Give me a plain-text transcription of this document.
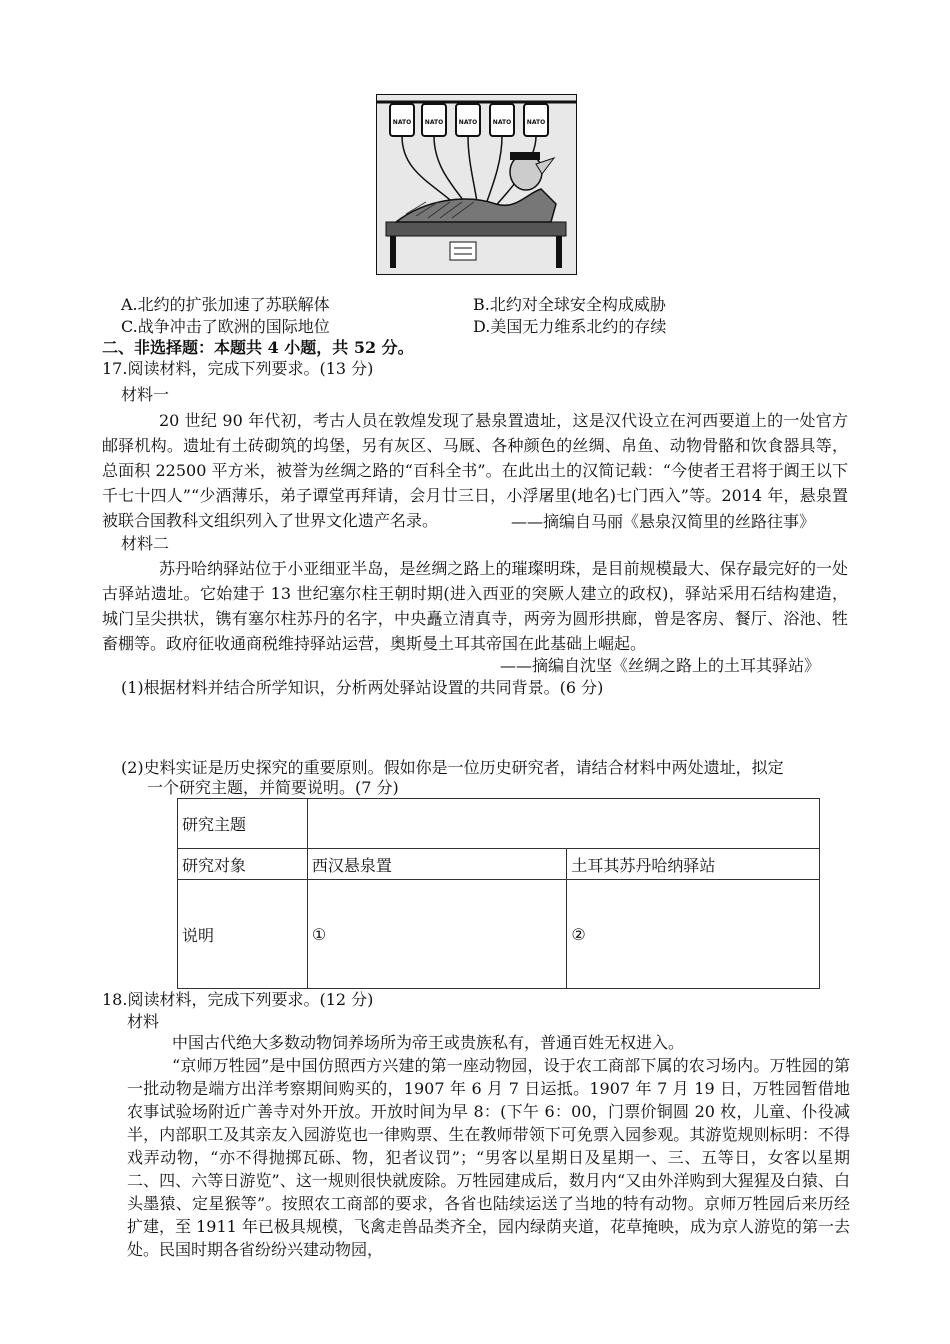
NATO NATO	NATO	NATO	NATO
A.北约的扩张加速了苏联解体	B.北约对全球安全构成威胁
C.战争冲击了欧洲的国际地位	D.美国无力维系北约的存续
二、非选择题：本题共 4 小题，共 52 分。
17.阅读材料，完成下列要求。(13 分)
材料一
20 世纪 90 年代初，考古人员在敦煌发现了悬泉置遗址，这是汉代设立在河西要道上的一处官方邮驿机构。遗址有土砖砌筑的坞堡，另有灰区、马厩、各种颜色的丝绸、帛鱼、动物骨骼和饮食器具等，总面积 22500 平方米，被誉为丝绸之路的“百科全书”。在此出土的汉简记载：“今使者王君将于阗王以下千七十四人”“少酒薄乐，弟子谭堂再拜请，会月廿三日，小浮屠里(地名)七门西入”等。2014 年，悬泉置被联合国教科文组织列入了世界文化遗产名录。	——摘编自马丽《悬泉汉简里的丝路往事》
材料二
苏丹哈纳驿站位于小亚细亚半岛，是丝绸之路上的璀璨明珠，是目前规模最大、保存最完好的一处古驿站遗址。它始建于 13 世纪塞尔柱王朝时期(进入西亚的突厥人建立的政权)，驿站采用石结构建造，城门呈尖拱状，镌有塞尔柱苏丹的名字，中央矗立清真寺，两旁为圆形拱廊，曾是客房、餐厅、浴池、牲畜棚等。政府征收通商税维持驿站运营，奥斯曼土耳其帝国在此基础上崛起。
——摘编自沈坚《丝绸之路上的土耳其驿站》
(1)根据材料并结合所学知识，分析两处驿站设置的共同背景。(6 分)
(2)史料实证是历史探究的重要原则。假如你是一位历史研究者，请结合材料中两处遗址，拟定
一个研究主题，并简要说明。(7 分)
研究主题		
研究对象	西汉悬泉置	土耳其苏丹哈纳驿站
说明	①	②
18.阅读材料，完成下列要求。(12 分)
材料
中国古代绝大多数动物饲养场所为帝王或贵族私有，普通百姓无权进入。
“京师万牲园”是中国仿照西方兴建的第一座动物园，设于农工商部下属的农习场内。万牲园的第一批动物是端方出洋考察期间购买的，1907 年 6 月 7 日运抵。1907 年 7 月 19 日，万牲园暂借地农事试验场附近广善寺对外开放。开放时间为早 8：(下午 6：00，门票价铜圆 20 枚，儿童、仆役减半，内部职工及其亲友入园游览也一律购票、生在教师带领下可免票入园参观。其游览规则标明：不得戏弄动物，“亦不得抛掷瓦砾、物，犯者议罚”；“男客以星期日及星期一、三、五等日，女客以星期二、四、六等日游览”、这一规则很快就废除。万牲园建成后，数月内“又由外洋购到大猩猩及白猿、白头墨猿、定星猴等”。按照农工商部的要求，各省也陆续运送了当地的特有动物。京师万牲园后来历经扩建，至 1911 年已极具规模，飞禽走兽品类齐全，园内绿荫夹道，花草掩映，成为京人游览的第一去处。民国时期各省纷纷兴建动物园，
